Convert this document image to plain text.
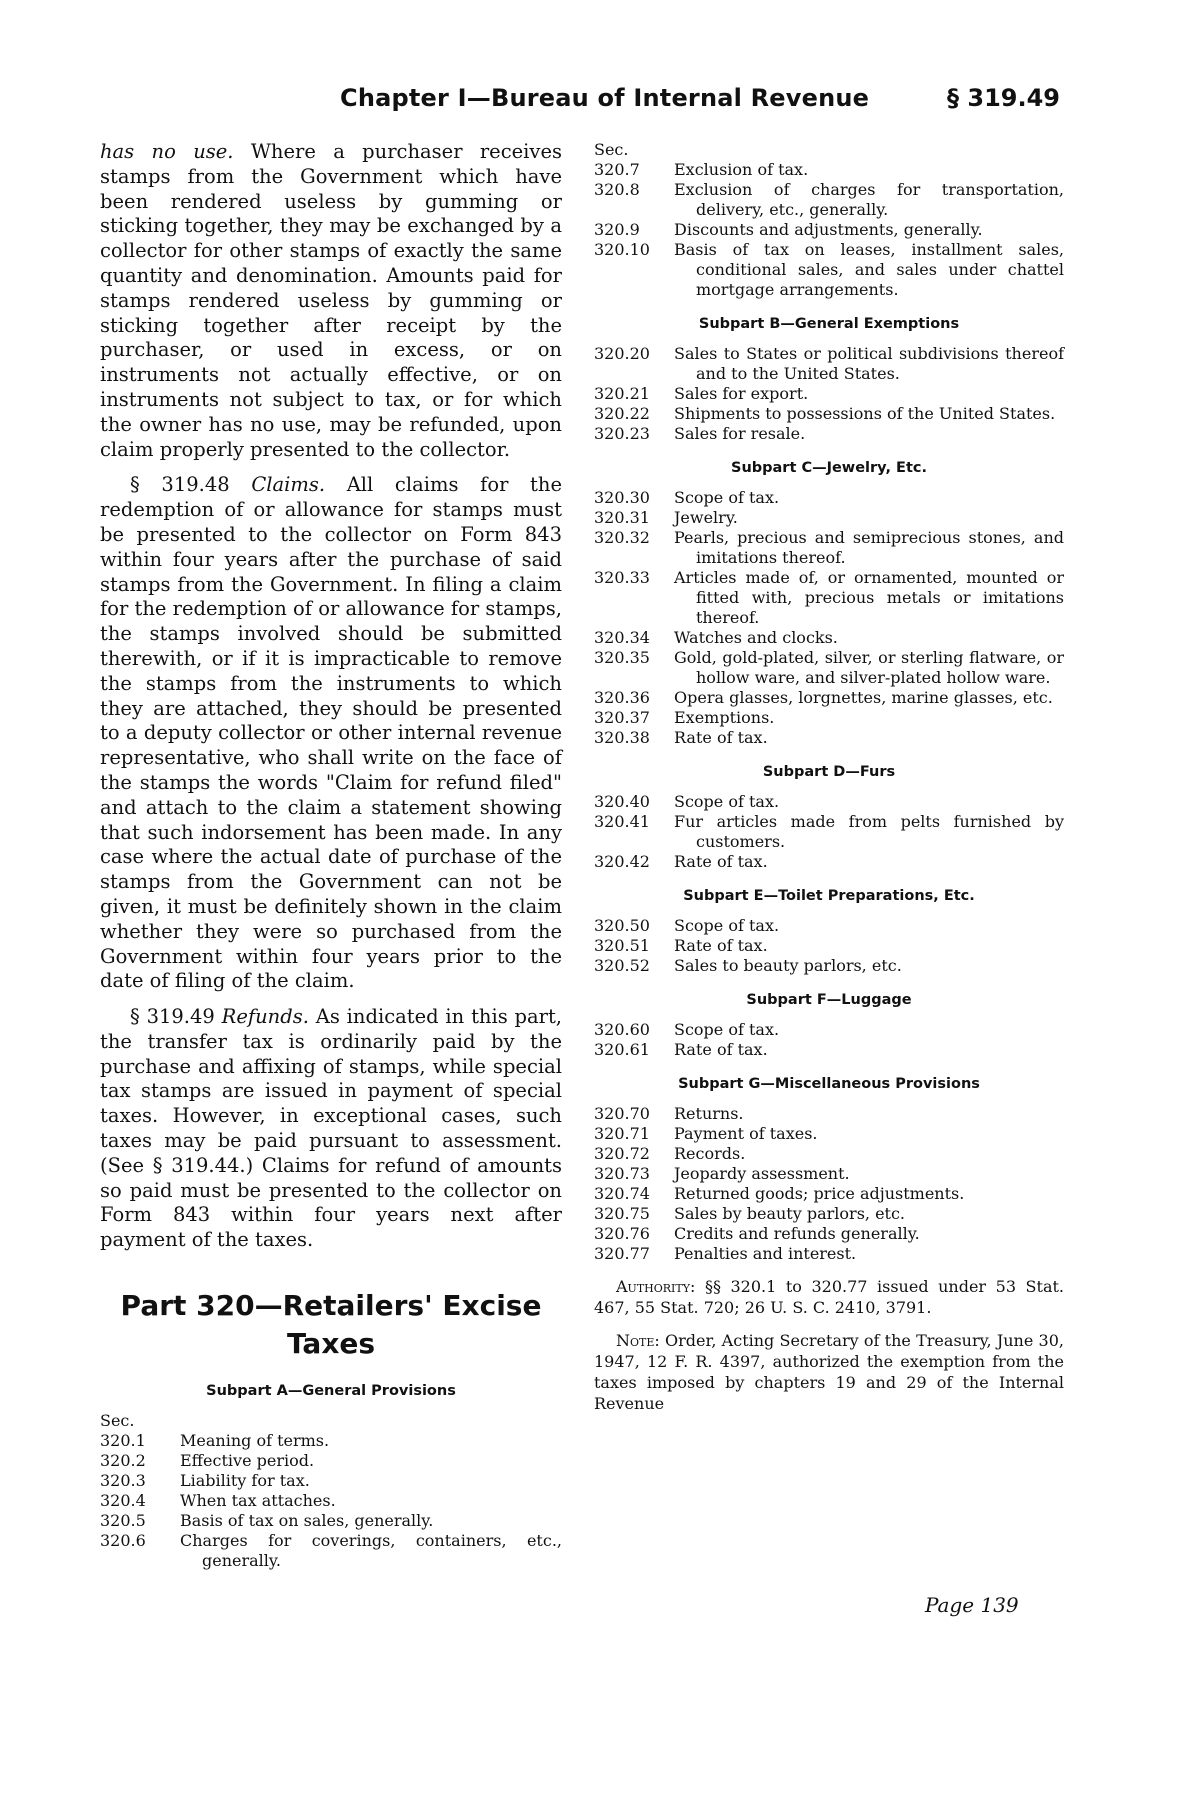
Chapter I—Bureau of Internal Revenue	§ 319.49

has no use. Where a purchaser receives stamps from the Government which have been rendered useless by gumming or sticking together, they may be exchanged by a collector for other stamps of exactly the same quantity and denomination. Amounts paid for stamps rendered useless by gumming or sticking together after receipt by the purchaser, or used in excess, or on instruments not actually effective, or on instruments not subject to tax, or for which the owner has no use, may be refunded, upon claim properly presented to the collector.

§ 319.48 Claims. All claims for the redemption of or allowance for stamps must be presented to the collector on Form 843 within four years after the purchase of said stamps from the Government. In filing a claim for the redemption of or allowance for stamps, the stamps involved should be submitted therewith, or if it is impracticable to remove the stamps from the instruments to which they are attached, they should be presented to a deputy collector or other internal revenue representative, who shall write on the face of the stamps the words "Claim for refund filed" and attach to the claim a statement showing that such indorsement has been made. In any case where the actual date of purchase of the stamps from the Government can not be given, it must be definitely shown in the claim whether they were so purchased from the Government within four years prior to the date of filing of the claim.

§ 319.49 Refunds. As indicated in this part, the transfer tax is ordinarily paid by the purchase and affixing of stamps, while special tax stamps are issued in payment of special taxes. However, in exceptional cases, such taxes may be paid pursuant to assessment. (See § 319.44.) Claims for refund of amounts so paid must be presented to the collector on Form 843 within four years next after payment of the taxes.

Part 320—Retailers' Excise
Taxes
Subpart A—General Provisions

Sec.

320.1	Meaning of terms.
320.2	Effective period.
320.3	Liability for tax.
320.4	When tax attaches.
320.5	Basis of tax on sales, generally.
320.6	Charges for coverings, containers, etc., generally.

Sec.

320.7	Exclusion of tax.
320.8	Exclusion of charges for transportation, delivery, etc., generally.
320.9	Discounts and adjustments, generally.
320.10	Basis of tax on leases, installment sales, conditional sales, and sales under chattel mortgage arrangements.
Subpart B—General Exemptions
320.20	Sales to States or political subdivisions thereof and to the United States.
320.21	Sales for export.
320.22	Shipments to possessions of the United States.
320.23	Sales for resale.
Subpart C—Jewelry, Etc.
320.30	Scope of tax.
320.31	Jewelry.
320.32	Pearls, precious and semiprecious stones, and imitations thereof.
320.33	Articles made of, or ornamented, mounted or fitted with, precious metals or imitations thereof.
320.34	Watches and clocks.
320.35	Gold, gold-plated, silver, or sterling flatware, or hollow ware, and silver-plated hollow ware.
320.36	Opera glasses, lorgnettes, marine glasses, etc.
320.37	Exemptions.
320.38	Rate of tax.
Subpart D—Furs
320.40	Scope of tax.
320.41	Fur articles made from pelts furnished by customers.
320.42	Rate of tax.
Subpart E—Toilet Preparations, Etc.
320.50	Scope of tax.
320.51	Rate of tax.
320.52	Sales to beauty parlors, etc.
Subpart F—Luggage
320.60	Scope of tax.
320.61	Rate of tax.
Subpart G—Miscellaneous Provisions
320.70	Returns.
320.71	Payment of taxes.
320.72	Records.
320.73	Jeopardy assessment.
320.74	Returned goods; price adjustments.
320.75	Sales by beauty parlors, etc.
320.76	Credits and refunds generally.
320.77	Penalties and interest.

Authority: §§ 320.1 to 320.77 issued under 53 Stat. 467, 55 Stat. 720; 26 U. S. C. 2410, 3791.

Note: Order, Acting Secretary of the Treasury, June 30, 1947, 12 F. R. 4397, authorized the exemption from the taxes imposed by chapters 19 and 29 of the Internal Revenue

Page 139
